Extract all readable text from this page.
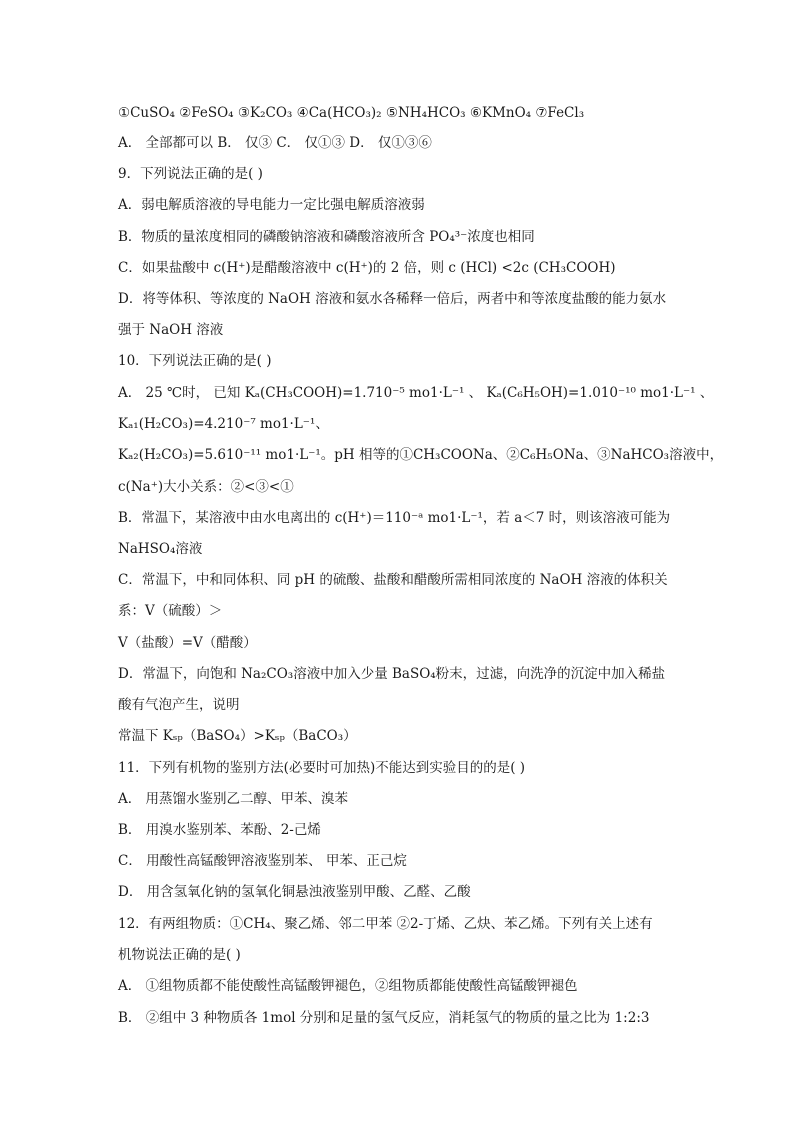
①CuSO₄ ②FeSO₄ ③K₂CO₃ ④Ca(HCO₃)₂ ⑤NH₄HCO₃ ⑥KMnO₄ ⑦FeCl₃
A． 全部都可以 B． 仅③ C． 仅①③ D． 仅①③⑥
9．下列说法正确的是( )
A．弱电解质溶液的导电能力一定比强电解质溶液弱
B．物质的量浓度相同的磷酸钠溶液和磷酸溶液所含 PO₄³⁻浓度也相同
C．如果盐酸中 c(H⁺)是醋酸溶液中 c(H⁺)的 2 倍，则 c (HCl) <2c (CH₃COOH)
D．将等体积、等浓度的 NaOH 溶液和氨水各稀释一倍后，两者中和等浓度盐酸的能力氨水
强于 NaOH 溶液
10．下列说法正确的是( )
A． 25 ℃时， 已知 Kₐ(CH₃COOH)=1.710⁻⁵ mo1·L⁻¹ 、 Kₐ(C₆H₅OH)=1.010⁻¹⁰ mo1·L⁻¹ 、
Kₐ₁(H₂CO₃)=4.210⁻⁷ mo1·L⁻¹、
Kₐ₂(H₂CO₃)=5.610⁻¹¹ mo1·L⁻¹。pH 相等的①CH₃COONa、②C₆H₅ONa、③NaHCO₃溶液中，
c(Na⁺)大小关系：②<③<①
B．常温下，某溶液中由水电离出的 c(H⁺)＝110⁻ᵃ mo1·L⁻¹，若 a＜7 时，则该溶液可能为
NaHSO₄溶液
C．常温下，中和同体积、同 pH 的硫酸、盐酸和醋酸所需相同浓度的 NaOH 溶液的体积关
系：V（硫酸）＞
V（盐酸）=V（醋酸）
D．常温下，向饱和 Na₂CO₃溶液中加入少量 BaSO₄粉末，过滤，向洗净的沉淀中加入稀盐
酸有气泡产生，说明
常温下 Kₛₚ（BaSO₄）>Kₛₚ（BaCO₃）
11．下列有机物的鉴别方法(必要时可加热)不能达到实验目的的是( )
A． 用蒸馏水鉴别乙二醇、甲苯、溴苯
B． 用溴水鉴别苯、苯酚、2-己烯
C． 用酸性高锰酸钾溶液鉴别苯、 甲苯、正己烷
D． 用含氢氧化钠的氢氧化铜悬浊液鉴别甲酸、乙醛、乙酸
12．有两组物质：①CH₄、聚乙烯、邻二甲苯 ②2-丁烯、乙炔、苯乙烯。下列有关上述有
机物说法正确的是( )
A． ①组物质都不能使酸性高锰酸钾褪色，②组物质都能使酸性高锰酸钾褪色
B． ②组中 3 种物质各 1mol 分别和足量的氢气反应，消耗氢气的物质的量之比为 1:2:3
